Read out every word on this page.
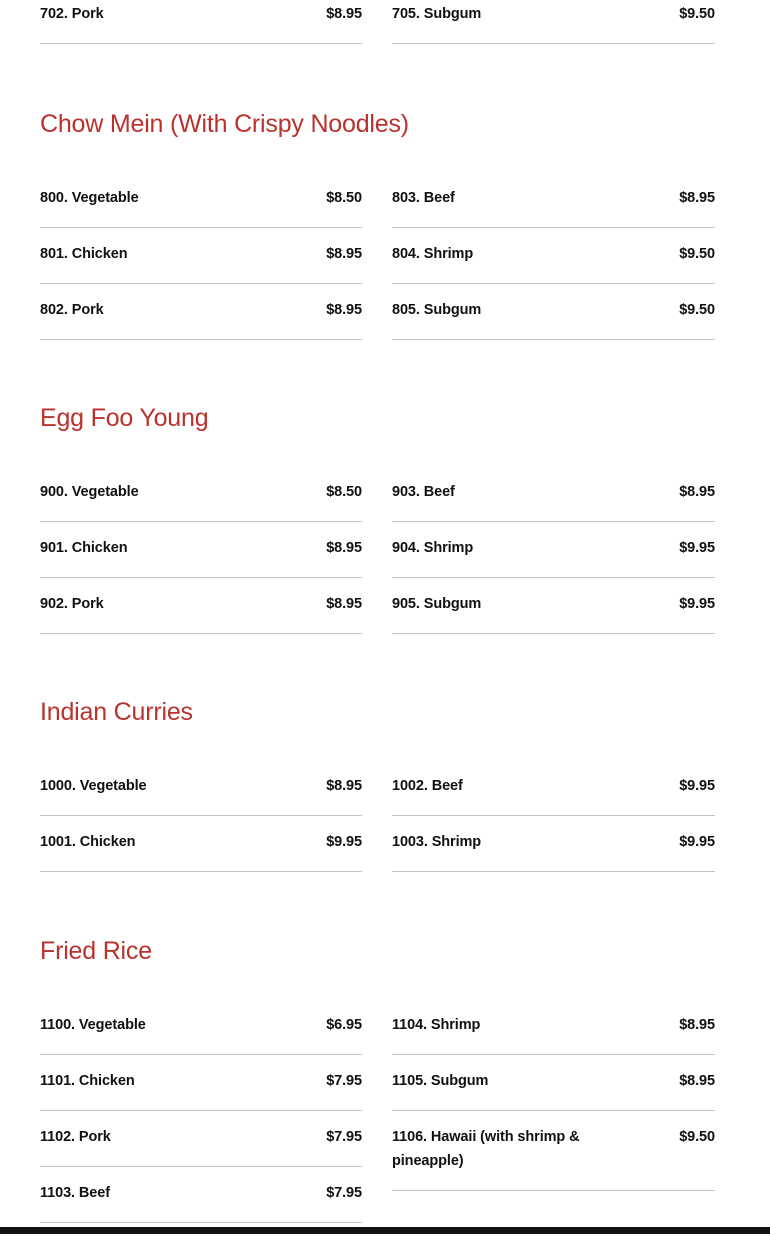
702. Pork	$8.95 705. Subgum	$9.50
Chow Mein (With Crispy Noodles)
800. Vegetable	$8.50
801. Chicken	$8.95
802. Pork	$8.95
803. Beef	$8.95
804. Shrimp	$9.50
805. Subgum	$9.50
Egg Foo Young
900. Vegetable	$8.50
901. Chicken	$8.95
902. Pork	$8.95
903. Beef	$8.95
904. Shrimp	$9.95
905. Subgum	$9.95
Indian Curries
1000. Vegetable	$8.95
1001. Chicken	$9.95
1002. Beef	$9.95
1003. Shrimp	$9.95
Fried Rice
1100. Vegetable	$6.95
1101. Chicken	$7.95
1102. Pork	$7.95
1103. Beef	$7.95
1104. Shrimp	$8.95
1105. Subgum	$8.95
1106. Hawaii (with shrimp & pineapple)
$9.50
